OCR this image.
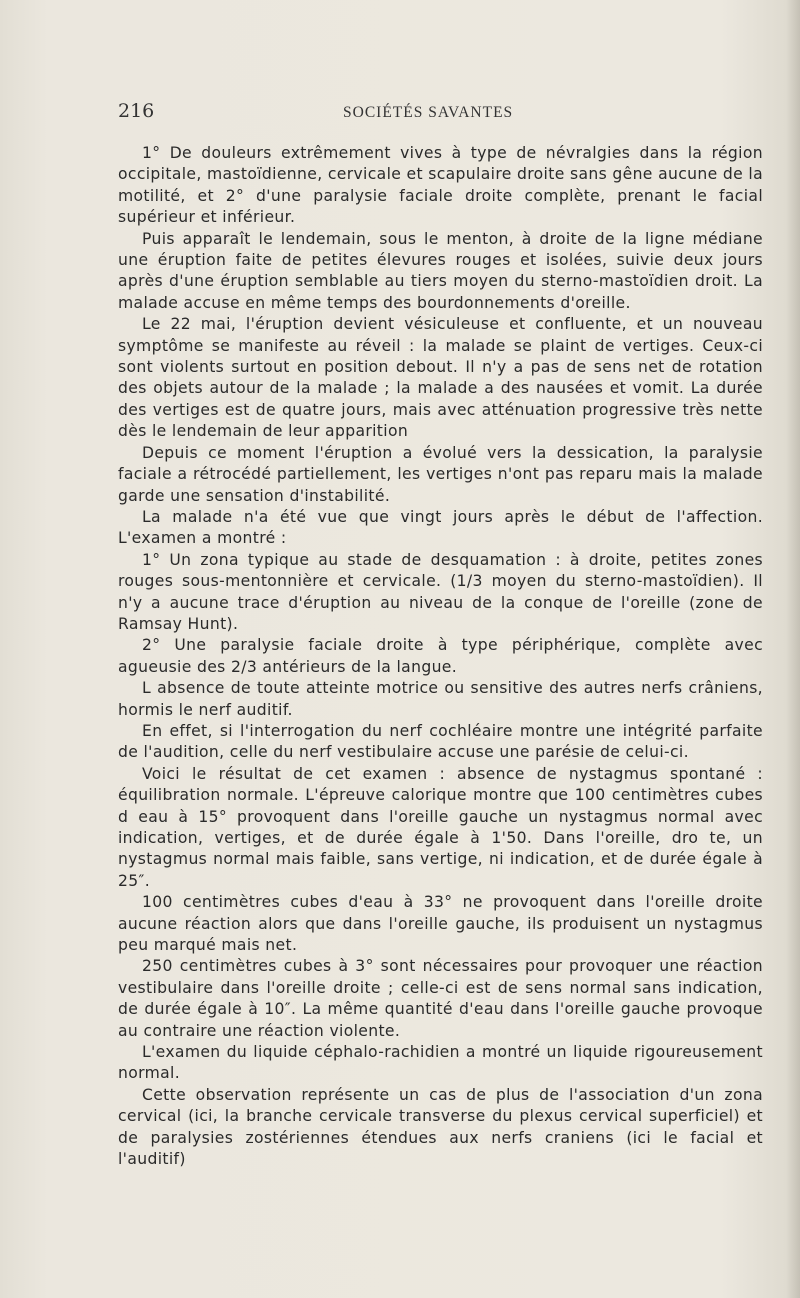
216	SOCIÉTÉS SAVANTES

1° De douleurs extrêmement vives à type de névralgies dans la région occipitale, mastoïdienne, cervicale et scapulaire droite sans gêne aucune de la motilité, et 2° d'une paralysie faciale droite complète, prenant le facial supérieur et inférieur.

Puis apparaît le lendemain, sous le menton, à droite de la ligne médiane une éruption faite de petites élevures rouges et isolées, suivie deux jours après d'une éruption semblable au tiers moyen du sterno-mastoïdien droit. La malade accuse en même temps des bourdonnements d'oreille.

Le 22 mai, l'éruption devient vésiculeuse et confluente, et un nouveau symptôme se manifeste au réveil : la malade se plaint de vertiges. Ceux-ci sont violents surtout en position debout. Il n'y a pas de sens net de rotation des objets autour de la malade ; la malade a des nausées et vomit. La durée des vertiges est de quatre jours, mais avec atténuation progressive très nette dès le lendemain de leur apparition

Depuis ce moment l'éruption a évolué vers la dessication, la paralysie faciale a rétrocédé partiellement, les vertiges n'ont pas reparu mais la malade garde une sensation d'instabilité.

La malade n'a été vue que vingt jours après le début de l'affection. L'examen a montré :

1° Un zona typique au stade de desquamation : à droite, petites zones rouges sous-mentonnière et cervicale. (1/3 moyen du sterno-mastoïdien). Il n'y a aucune trace d'éruption au niveau de la conque de l'oreille (zone de Ramsay Hunt).

2° Une paralysie faciale droite à type périphérique, complète avec agueusie des 2/3 antérieurs de la langue.

L absence de toute atteinte motrice ou sensitive des autres nerfs crâniens, hormis le nerf auditif.

En effet, si l'interrogation du nerf cochléaire montre une intégrité parfaite de l'audition, celle du nerf vestibulaire accuse une parésie de celui-ci.

Voici le résultat de cet examen : absence de nystagmus spontané : équilibration normale. L'épreuve calorique montre que 100 centimètres cubes d eau à 15° provoquent dans l'oreille gauche un nystagmus normal avec indication, vertiges, et de durée égale à 1'50. Dans l'oreille, dro te, un nystagmus normal mais faible, sans vertige, ni indication, et de durée égale à 25″.

100 centimètres cubes d'eau à 33° ne provoquent dans l'oreille droite aucune réaction alors que dans l'oreille gauche, ils produisent un nystagmus peu marqué mais net.

250 centimètres cubes à 3° sont nécessaires pour provoquer une réaction vestibulaire dans l'oreille droite ; celle-ci est de sens normal sans indication, de durée égale à 10″. La même quantité d'eau dans l'oreille gauche provoque au contraire une réaction violente.

L'examen du liquide céphalo-rachidien a montré un liquide rigoureusement normal.

Cette observation représente un cas de plus de l'association d'un zona cervical (ici, la branche cervicale transverse du plexus cervical superficiel) et de paralysies zostériennes étendues aux nerfs craniens (ici le facial et l'auditif)
